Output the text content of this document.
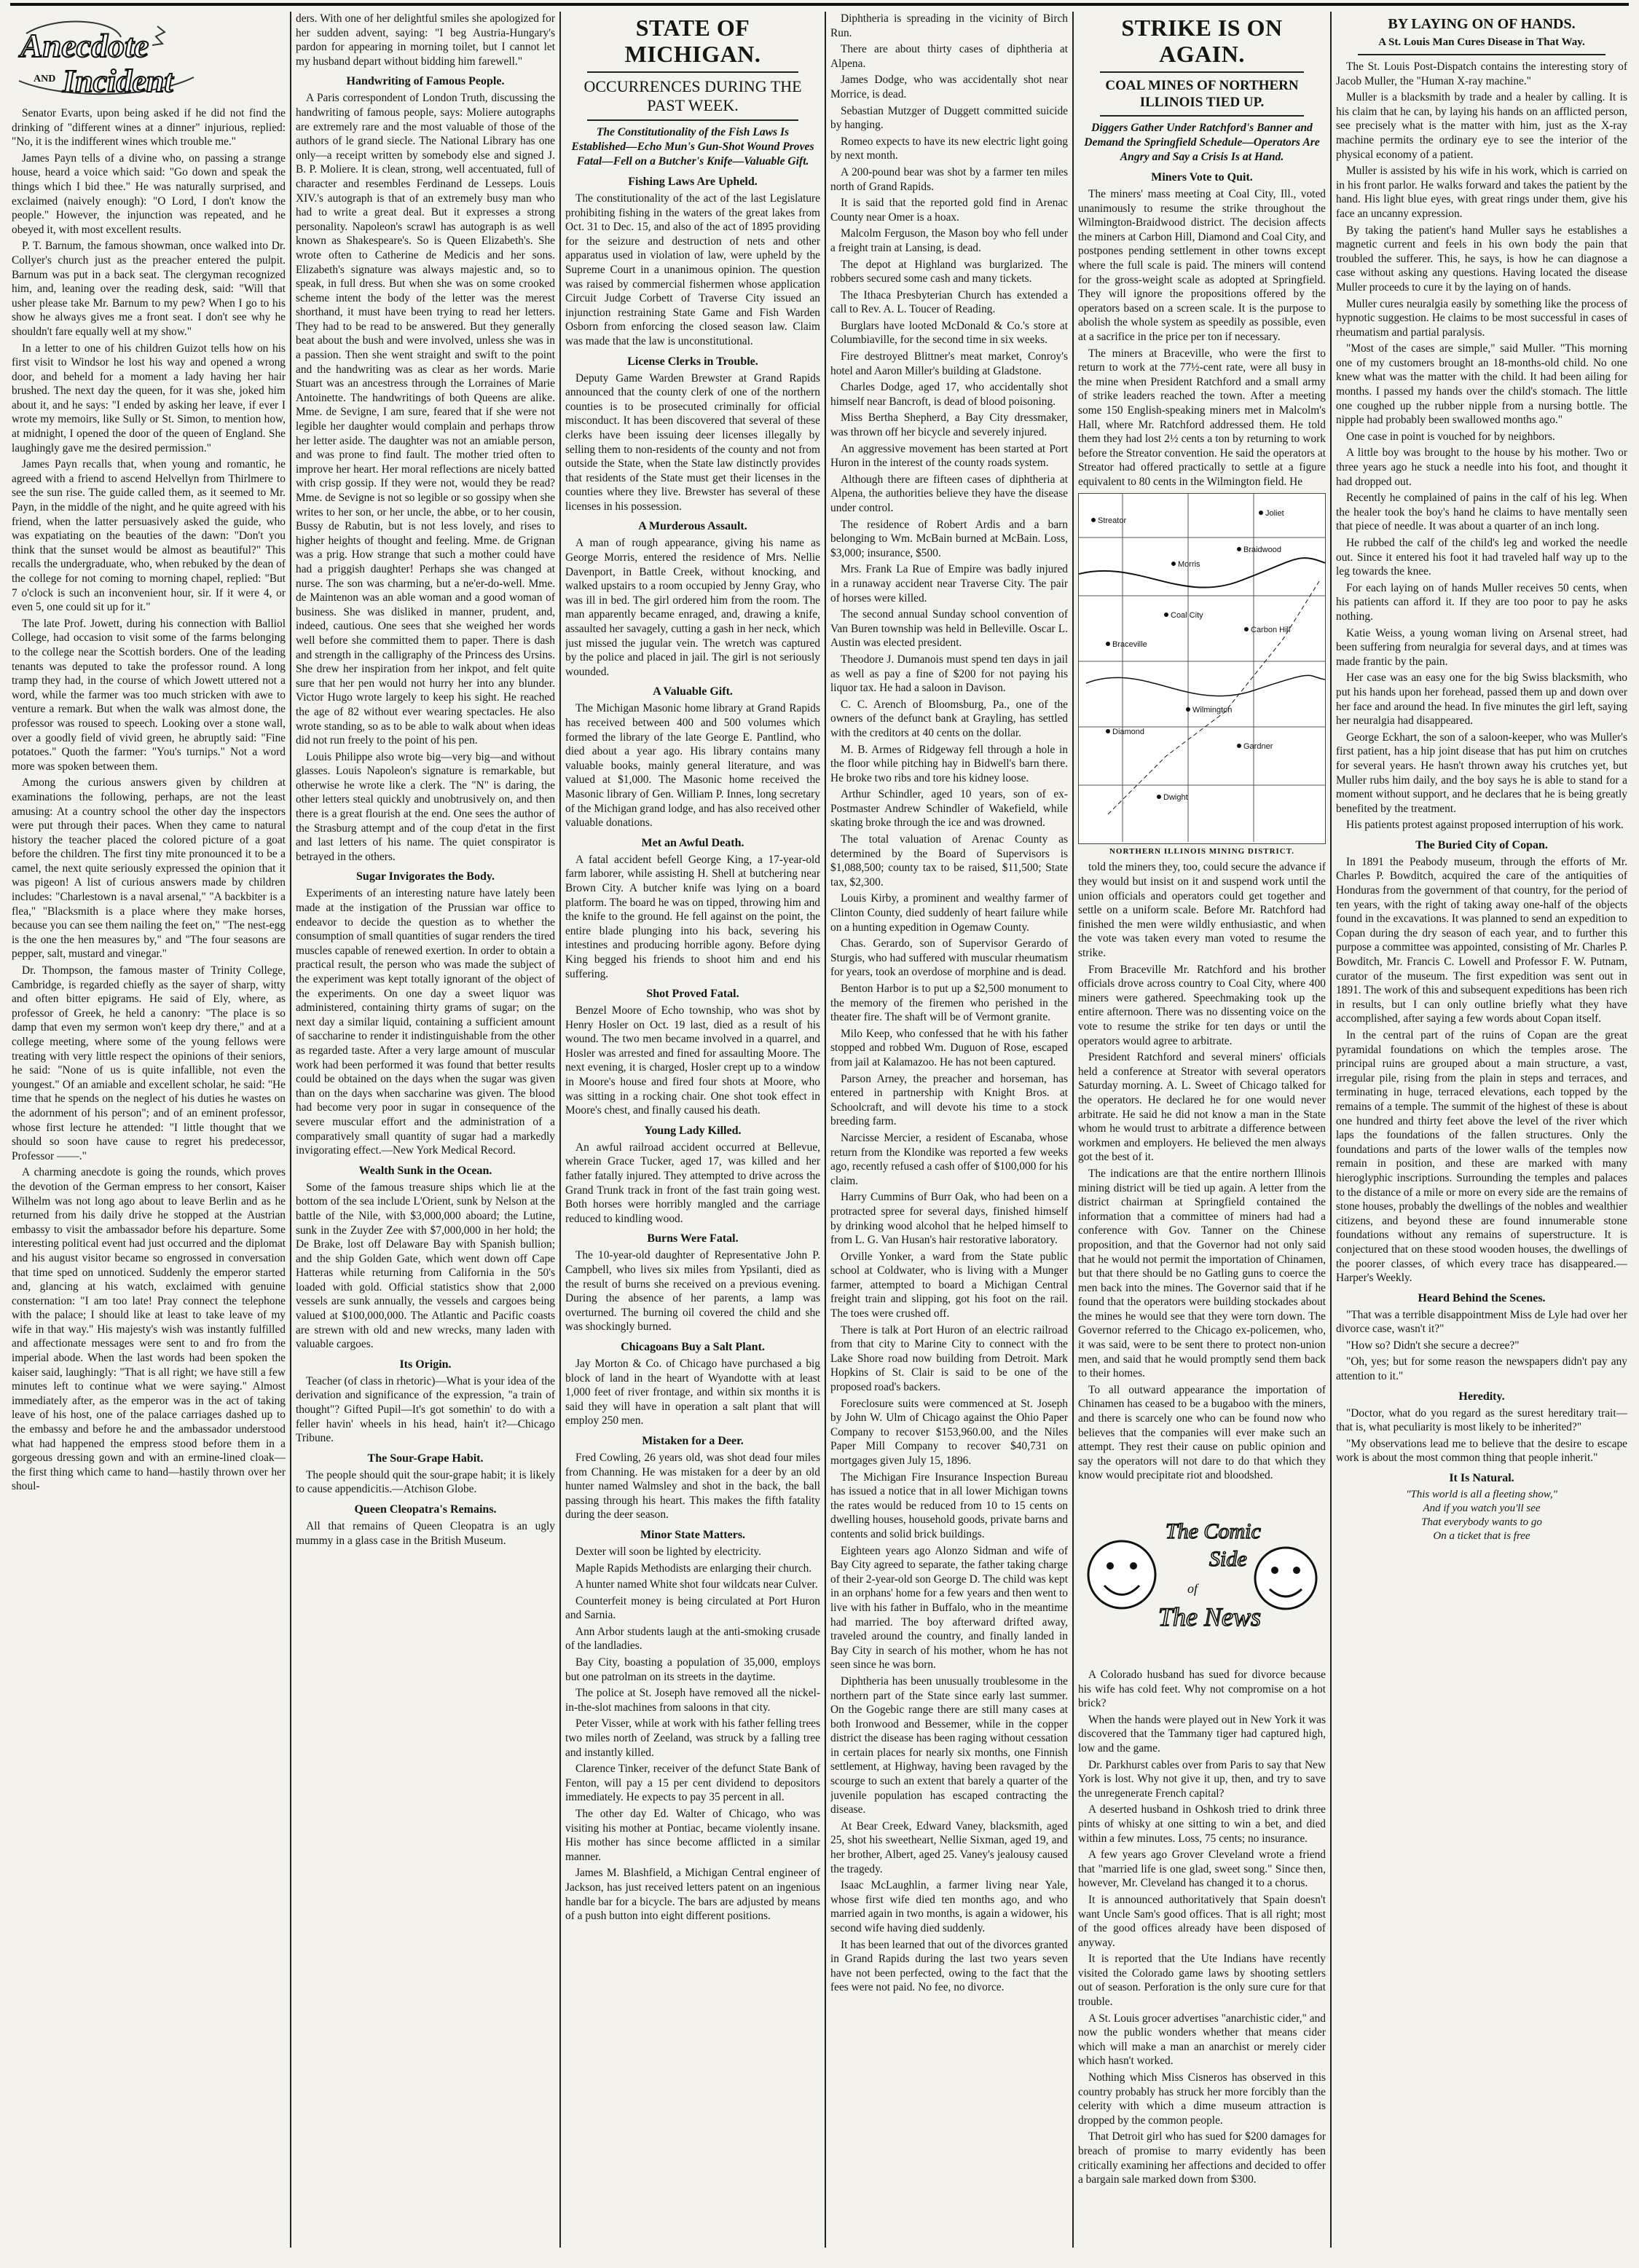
Anecdote
AND Incident

Senator Evarts, upon being asked if he did not find the drinking of "different wines at a dinner" injurious, replied: "No, it is the indifferent wines which trouble me."

James Payn tells of a divine who, on passing a strange house, heard a voice which said: "Go down and speak the things which I bid thee." He was naturally surprised, and exclaimed (naively enough): "O Lord, I don't know the people." However, the injunction was repeated, and he obeyed it, with most excellent results.

P. T. Barnum, the famous showman, once walked into Dr. Collyer's church just as the preacher entered the pulpit. Barnum was put in a back seat. The clergyman recognized him, and, leaning over the reading desk, said: "Will that usher please take Mr. Barnum to my pew? When I go to his show he always gives me a front seat. I don't see why he shouldn't fare equally well at my show."

In a letter to one of his children Guizot tells how on his first visit to Windsor he lost his way and opened a wrong door, and beheld for a moment a lady having her hair brushed. The next day the queen, for it was she, joked him about it, and he says: "I ended by asking her leave, if ever I wrote my memoirs, like Sully or St. Simon, to mention how, at midnight, I opened the door of the queen of England. She laughingly gave me the desired permission."

James Payn recalls that, when young and romantic, he agreed with a friend to ascend Helvellyn from Thirlmere to see the sun rise. The guide called them, as it seemed to Mr. Payn, in the middle of the night, and he quite agreed with his friend, when the latter persuasively asked the guide, who was expatiating on the beauties of the dawn: "Don't you think that the sunset would be almost as beautiful?" This recalls the undergraduate, who, when rebuked by the dean of the college for not coming to morning chapel, replied: "But 7 o'clock is such an inconvenient hour, sir. If it were 4, or even 5, one could sit up for it."

The late Prof. Jowett, during his connection with Balliol College, had occasion to visit some of the farms belonging to the college near the Scottish borders. One of the leading tenants was deputed to take the professor round. A long tramp they had, in the course of which Jowett uttered not a word, while the farmer was too much stricken with awe to venture a remark. But when the walk was almost done, the professor was roused to speech. Looking over a stone wall, over a goodly field of vivid green, he abruptly said: "Fine potatoes." Quoth the farmer: "You's turnips." Not a word more was spoken between them.

Among the curious answers given by children at examinations the following, perhaps, are not the least amusing: At a country school the other day the inspectors were put through their paces. When they came to natural history the teacher placed the colored picture of a goat before the children. The first tiny mite pronounced it to be a camel, the next quite seriously expressed the opinion that it was pigeon! A list of curious answers made by children includes: "Charlestown is a naval arsenal," "A backbiter is a flea," "Blacksmith is a place where they make horses, because you can see them nailing the feet on," "The nest-egg is the one the hen measures by," and "The four seasons are pepper, salt, mustard and vinegar."

Dr. Thompson, the famous master of Trinity College, Cambridge, is regarded chiefly as the sayer of sharp, witty and often bitter epigrams. He said of Ely, where, as professor of Greek, he held a canonry: "The place is so damp that even my sermon won't keep dry there," and at a college meeting, where some of the young fellows were treating with very little respect the opinions of their seniors, he said: "None of us is quite infallible, not even the youngest." Of an amiable and excellent scholar, he said: "He time that he spends on the neglect of his duties he wastes on the adornment of his person"; and of an eminent professor, whose first lecture he attended: "I little thought that we should so soon have cause to regret his predecessor, Professor ——."

A charming anecdote is going the rounds, which proves the devotion of the German empress to her consort, Kaiser Wilhelm was not long ago about to leave Berlin and as he returned from his daily drive he stopped at the Austrian embassy to visit the ambassador before his departure. Some interesting political event had just occurred and the diplomat and his august visitor became so engrossed in conversation that time sped on unnoticed. Suddenly the emperor started and, glancing at his watch, exclaimed with genuine consternation: "I am too late! Pray connect the telephone with the palace; I should like at least to take leave of my wife in that way." His majesty's wish was instantly fulfilled and affectionate messages were sent to and fro from the imperial abode. When the last words had been spoken the kaiser said, laughingly: "That is all right; we have still a few minutes left to continue what we were saying." Almost immediately after, as the emperor was in the act of taking leave of his host, one of the palace carriages dashed up to the embassy and before he and the ambassador understood what had happened the empress stood before them in a gorgeous dressing gown and with an ermine-lined cloak—the first thing which came to hand—hastily thrown over her shoul-

ders. With one of her delightful smiles she apologized for her sudden advent, saying: "I beg Austria-Hungary's pardon for appearing in morning toilet, but I cannot let my husband depart without bidding him farewell."

Handwriting of Famous People.

A Paris correspondent of London Truth, discussing the handwriting of famous people, says: Moliere autographs are extremely rare and the most valuable of those of the authors of le grand siecle. The National Library has one only—a receipt written by somebody else and signed J. B. P. Moliere. It is clean, strong, well accentuated, full of character and resembles Ferdinand de Lesseps. Louis XIV.'s autograph is that of an extremely busy man who had to write a great deal. But it expresses a strong personality. Napoleon's scrawl has autograph is as well known as Shakespeare's. So is Queen Elizabeth's. She wrote often to Catherine de Medicis and her sons. Elizabeth's signature was always majestic and, so to speak, in full dress. But when she was on some crooked scheme intent the body of the letter was the merest shorthand, it must have been trying to read her letters. They had to be read to be answered. But they generally beat about the bush and were involved, unless she was in a passion. Then she went straight and swift to the point and the handwriting was as clear as her words. Marie Stuart was an ancestress through the Lorraines of Marie Antoinette. The handwritings of both Queens are alike. Mme. de Sevigne, I am sure, feared that if she were not legible her daughter would complain and perhaps throw her letter aside. The daughter was not an amiable person, and was prone to find fault. The mother tried often to improve her heart. Her moral reflections are nicely batted with crisp gossip. If they were not, would they be read? Mme. de Sevigne is not so legible or so gossipy when she writes to her son, or her uncle, the abbe, or to her cousin, Bussy de Rabutin, but is not less lovely, and rises to higher heights of thought and feeling. Mme. de Grignan was a prig. How strange that such a mother could have had a priggish daughter! Perhaps she was changed at nurse. The son was charming, but a ne'er-do-well. Mme. de Maintenon was an able woman and a good woman of business. She was disliked in manner, prudent, and, indeed, cautious. One sees that she weighed her words well before she committed them to paper. There is dash and strength in the calligraphy of the Princess des Ursins. She drew her inspiration from her inkpot, and felt quite sure that her pen would not hurry her into any blunder. Victor Hugo wrote largely to keep his sight. He reached the age of 82 without ever wearing spectacles. He also wrote standing, so as to be able to walk about when ideas did not run freely to the point of his pen.

Louis Philippe also wrote big—very big—and without glasses. Louis Napoleon's signature is remarkable, but otherwise he wrote like a clerk. The "N" is daring, the other letters steal quickly and unobtrusively on, and then there is a great flourish at the end. One sees the author of the Strasburg attempt and of the coup d'etat in the first and last letters of his name. The quiet conspirator is betrayed in the others.

Sugar Invigorates the Body.

Experiments of an interesting nature have lately been made at the instigation of the Prussian war office to endeavor to decide the question as to whether the consumption of small quantities of sugar renders the tired muscles capable of renewed exertion. In order to obtain a practical result, the person who was made the subject of the experiment was kept totally ignorant of the object of the experiments. On one day a sweet liquor was administered, containing thirty grams of sugar; on the next day a similar liquid, containing a sufficient amount of saccharine to render it indistinguishable from the other as regarded taste. After a very large amount of muscular work had been performed it was found that better results could be obtained on the days when the sugar was given than on the days when saccharine was given. The blood had become very poor in sugar in consequence of the severe muscular effort and the administration of a comparatively small quantity of sugar had a markedly invigorating effect.—New York Medical Record.

Wealth Sunk in the Ocean.

Some of the famous treasure ships which lie at the bottom of the sea include L'Orient, sunk by Nelson at the battle of the Nile, with $3,000,000 aboard; the Lutine, sunk in the Zuyder Zee with $7,000,000 in her hold; the De Brake, lost off Delaware Bay with Spanish bullion; and the ship Golden Gate, which went down off Cape Hatteras while returning from California in the 50's loaded with gold. Official statistics show that 2,000 vessels are sunk annually, the vessels and cargoes being valued at $100,000,000. The Atlantic and Pacific coasts are strewn with old and new wrecks, many laden with valuable cargoes.

Its Origin.

Teacher (of class in rhetoric)—What is your idea of the derivation and significance of the expression, "a train of thought"? Gifted Pupil—It's got somethin' to do with a feller havin' wheels in his head, hain't it?—Chicago Tribune.

The Sour-Grape Habit.

The people should quit the sour-grape habit; it is likely to cause appendicitis.—Atchison Globe.

Queen Cleopatra's Remains.

All that remains of Queen Cleopatra is an ugly mummy in a glass case in the British Museum.

STATE OF MICHIGAN.
OCCURRENCES DURING THE PAST WEEK.
The Constitutionality of the Fish Laws Is Established—Echo Mun's Gun-Shot Wound Proves Fatal—Fell on a Butcher's Knife—Valuable Gift.
Fishing Laws Are Upheld.

The constitutionality of the act of the last Legislature prohibiting fishing in the waters of the great lakes from Oct. 31 to Dec. 15, and also of the act of 1895 providing for the seizure and destruction of nets and other apparatus used in violation of law, were upheld by the Supreme Court in a unanimous opinion. The question was raised by commercial fishermen whose application Circuit Judge Corbett of Traverse City issued an injunction restraining State Game and Fish Warden Osborn from enforcing the closed season law. Claim was made that the law is unconstitutional.

License Clerks in Trouble.

Deputy Game Warden Brewster at Grand Rapids announced that the county clerk of one of the northern counties is to be prosecuted criminally for official misconduct. It has been discovered that several of these clerks have been issuing deer licenses illegally by selling them to non-residents of the county and not from outside the State, when the State law distinctly provides that residents of the State must get their licenses in the counties where they live. Brewster has several of these licenses in his possession.

A Murderous Assault.

A man of rough appearance, giving his name as George Morris, entered the residence of Mrs. Nellie Davenport, in Battle Creek, without knocking, and walked upstairs to a room occupied by Jenny Gray, who was ill in bed. The girl ordered him from the room. The man apparently became enraged, and, drawing a knife, assaulted her savagely, cutting a gash in her neck, which just missed the jugular vein. The wretch was captured by the police and placed in jail. The girl is not seriously wounded.

A Valuable Gift.

The Michigan Masonic home library at Grand Rapids has received between 400 and 500 volumes which formed the library of the late George E. Pantlind, who died about a year ago. His library contains many valuable books, mainly general literature, and was valued at $1,000. The Masonic home received the Masonic library of Gen. William P. Innes, long secretary of the Michigan grand lodge, and has also received other valuable donations.

Met an Awful Death.

A fatal accident befell George King, a 17-year-old farm laborer, while assisting H. Shell at butchering near Brown City. A butcher knife was lying on a board platform. The board he was on tipped, throwing him and the knife to the ground. He fell against on the point, the entire blade plunging into his back, severing his intestines and producing horrible agony. Before dying King begged his friends to shoot him and end his suffering.

Shot Proved Fatal.

Benzel Moore of Echo township, who was shot by Henry Hosler on Oct. 19 last, died as a result of his wound. The two men became involved in a quarrel, and Hosler was arrested and fined for assaulting Moore. The next evening, it is charged, Hosler crept up to a window in Moore's house and fired four shots at Moore, who was sitting in a rocking chair. One shot took effect in Moore's chest, and finally caused his death.

Young Lady Killed.

An awful railroad accident occurred at Bellevue, wherein Grace Tucker, aged 17, was killed and her father fatally injured. They attempted to drive across the Grand Trunk track in front of the fast train going west. Both horses were horribly mangled and the carriage reduced to kindling wood.

Burns Were Fatal.

The 10-year-old daughter of Representative John P. Campbell, who lives six miles from Ypsilanti, died as the result of burns she received on a previous evening. During the absence of her parents, a lamp was overturned. The burning oil covered the child and she was shockingly burned.

Chicagoans Buy a Salt Plant.

Jay Morton & Co. of Chicago have purchased a big block of land in the heart of Wyandotte with at least 1,000 feet of river frontage, and within six months it is said they will have in operation a salt plant that will employ 250 men.

Mistaken for a Deer.

Fred Cowling, 26 years old, was shot dead four miles from Channing. He was mistaken for a deer by an old hunter named Walmsley and shot in the back, the ball passing through his heart. This makes the fifth fatality during the deer season.

Minor State Matters.

Dexter will soon be lighted by electricity.

Maple Rapids Methodists are enlarging their church.

A hunter named White shot four wildcats near Culver.

Counterfeit money is being circulated at Port Huron and Sarnia.

Ann Arbor students laugh at the anti-smoking crusade of the landladies.

Bay City, boasting a population of 35,000, employs but one patrolman on its streets in the daytime.

The police at St. Joseph have removed all the nickel-in-the-slot machines from saloons in that city.

Peter Visser, while at work with his father felling trees two miles north of Zeeland, was struck by a falling tree and instantly killed.

Clarence Tinker, receiver of the defunct State Bank of Fenton, will pay a 15 per cent dividend to depositors immediately. He expects to pay 35 percent in all.

The other day Ed. Walter of Chicago, who was visiting his mother at Pontiac, became violently insane. His mother has since become afflicted in a similar manner.

James M. Blashfield, a Michigan Central engineer of Jackson, has just received letters patent on an ingenious handle bar for a bicycle. The bars are adjusted by means of a push button into eight different positions.

Diphtheria is spreading in the vicinity of Birch Run.

There are about thirty cases of diphtheria at Alpena.

James Dodge, who was accidentally shot near Morrice, is dead.

Sebastian Mutzger of Duggett committed suicide by hanging.

Romeo expects to have its new electric light going by next month.

A 200-pound bear was shot by a farmer ten miles north of Grand Rapids.

It is said that the reported gold find in Arenac County near Omer is a hoax.

Malcolm Ferguson, the Mason boy who fell under a freight train at Lansing, is dead.

The depot at Highland was burglarized. The robbers secured some cash and many tickets.

The Ithaca Presbyterian Church has extended a call to Rev. A. L. Toucer of Reading.

Burglars have looted McDonald & Co.'s store at Columbiaville, for the second time in six weeks.

Fire destroyed Blittner's meat market, Conroy's hotel and Aaron Miller's building at Gladstone.

Charles Dodge, aged 17, who accidentally shot himself near Bancroft, is dead of blood poisoning.

Miss Bertha Shepherd, a Bay City dressmaker, was thrown off her bicycle and severely injured.

An aggressive movement has been started at Port Huron in the interest of the county roads system.

Although there are fifteen cases of diphtheria at Alpena, the authorities believe they have the disease under control.

The residence of Robert Ardis and a barn belonging to Wm. McBain burned at McBain. Loss, $3,000; insurance, $500.

Mrs. Frank La Rue of Empire was badly injured in a runaway accident near Traverse City. The pair of horses were killed.

The second annual Sunday school convention of Van Buren township was held in Belleville. Oscar L. Austin was elected president.

Theodore J. Dumanois must spend ten days in jail as well as pay a fine of $200 for not paying his liquor tax. He had a saloon in Davison.

C. C. Arench of Bloomsburg, Pa., one of the owners of the defunct bank at Grayling, has settled with the creditors at 40 cents on the dollar.

M. B. Armes of Ridgeway fell through a hole in the floor while pitching hay in Bidwell's barn there. He broke two ribs and tore his kidney loose.

Arthur Schindler, aged 10 years, son of ex-Postmaster Andrew Schindler of Wakefield, while skating broke through the ice and was drowned.

The total valuation of Arenac County as determined by the Board of Supervisors is $1,088,500; county tax to be raised, $11,500; State tax, $2,300.

Louis Kirby, a prominent and wealthy farmer of Clinton County, died suddenly of heart failure while on a hunting expedition in Ogemaw County.

Chas. Gerardo, son of Supervisor Gerardo of Sturgis, who had suffered with muscular rheumatism for years, took an overdose of morphine and is dead.

Benton Harbor is to put up a $2,500 monument to the memory of the firemen who perished in the theater fire. The shaft will be of Vermont granite.

Milo Keep, who confessed that he with his father stopped and robbed Wm. Duguon of Rose, escaped from jail at Kalamazoo. He has not been captured.

Parson Arney, the preacher and horseman, has entered in partnership with Knight Bros. at Schoolcraft, and will devote his time to a stock breeding farm.

Narcisse Mercier, a resident of Escanaba, whose return from the Klondike was reported a few weeks ago, recently refused a cash offer of $100,000 for his claim.

Harry Cummins of Burr Oak, who had been on a protracted spree for several days, finished himself by drinking wood alcohol that he helped himself to from L. G. Van Husan's hair restorative laboratory.

Orville Yonker, a ward from the State public school at Coldwater, who is living with a Munger farmer, attempted to board a Michigan Central freight train and slipping, got his foot on the rail. The toes were crushed off.

There is talk at Port Huron of an electric railroad from that city to Marine City to connect with the Lake Shore road now building from Detroit. Mark Hopkins of St. Clair is said to be one of the proposed road's backers.

Foreclosure suits were commenced at St. Joseph by John W. Ulm of Chicago against the Ohio Paper Company to recover $153,960.00, and the Niles Paper Mill Company to recover $40,731 on mortgages given July 15, 1896.

The Michigan Fire Insurance Inspection Bureau has issued a notice that in all lower Michigan towns the rates would be reduced from 10 to 15 cents on dwelling houses, household goods, private barns and contents and solid brick buildings.

Eighteen years ago Alonzo Sidman and wife of Bay City agreed to separate, the father taking charge of their 2-year-old son George D. The child was kept in an orphans' home for a few years and then went to live with his father in Buffalo, who in the meantime had married. The boy afterward drifted away, traveled around the country, and finally landed in Bay City in search of his mother, whom he has not seen since he was born.

Diphtheria has been unusually troublesome in the northern part of the State since early last summer. On the Gogebic range there are still many cases at both Ironwood and Bessemer, while in the copper district the disease has been raging without cessation in certain places for nearly six months, one Finnish settlement, at Highway, having been ravaged by the scourge to such an extent that barely a quarter of the juvenile population has escaped contracting the disease.

At Bear Creek, Edward Vaney, blacksmith, aged 25, shot his sweetheart, Nellie Sixman, aged 19, and her brother, Albert, aged 25. Vaney's jealousy caused the tragedy.

Isaac McLaughlin, a farmer living near Yale, whose first wife died ten months ago, and who married again in two months, is again a widower, his second wife having died suddenly.

It has been learned that out of the divorces granted in Grand Rapids during the last two years seven have not been perfected, owing to the fact that the fees were not paid. No fee, no divorce.

STRIKE IS ON AGAIN.
COAL MINES OF NORTHERN ILLINOIS TIED UP.
Diggers Gather Under Ratchford's Banner and Demand the Springfield Schedule—Operators Are Angry and Say a Crisis Is at Hand.
Miners Vote to Quit.

The miners' mass meeting at Coal City, Ill., voted unanimously to resume the strike throughout the Wilmington-Braidwood district. The decision affects the miners at Carbon Hill, Diamond and Coal City, and postpones pending settlement in other towns except where the full scale is paid. The miners will contend for the gross-weight scale as adopted at Springfield. They will ignore the propositions offered by the operators based on a screen scale. It is the purpose to abolish the whole system as speedily as possible, even at a sacrifice in the price per ton if necessary.

The miners at Braceville, who were the first to return to work at the 77½-cent rate, were all busy in the mine when President Ratchford and a small army of strike leaders reached the town. After a meeting some 150 English-speaking miners met in Malcolm's Hall, where Mr. Ratchford addressed them. He told them they had lost 2½ cents a ton by returning to work before the Streator convention. He said the operators at Streator had offered practically to settle at a figure equivalent to 80 cents in the Wilmington field. He

Streator
Braidwood
Coal City
Braceville
Carbon Hill
Wilmington
Diamond
Gardner
Dwight
Joliet
Morris
NORTHERN ILLINOIS MINING DISTRICT.

told the miners they, too, could secure the advance if they would but insist on it and suspend work until the union officials and operators could get together and settle on a uniform scale. Before Mr. Ratchford had finished the men were wildly enthusiastic, and when the vote was taken every man voted to resume the strike.

From Braceville Mr. Ratchford and his brother officials drove across country to Coal City, where 400 miners were gathered. Speechmaking took up the entire afternoon. There was no dissenting voice on the vote to resume the strike for ten days or until the operators would agree to arbitrate.

President Ratchford and several miners' officials held a conference at Streator with several operators Saturday morning. A. L. Sweet of Chicago talked for the operators. He declared he for one would never arbitrate. He said he did not know a man in the State whom he would trust to arbitrate a difference between workmen and employers. He believed the men always got the best of it.

The indications are that the entire northern Illinois mining district will be tied up again. A letter from the district chairman at Springfield contained the information that a committee of miners had had a conference with Gov. Tanner on the Chinese proposition, and that the Governor had not only said that he would not permit the importation of Chinamen, but that there should be no Gatling guns to coerce the men back into the mines. The Governor said that if he found that the operators were building stockades about the mines he would see that they were torn down. The Governor referred to the Chicago ex-policemen, who, it was said, were to be sent there to protect non-union men, and said that he would promptly send them back to their homes.

To all outward appearance the importation of Chinamen has ceased to be a bugaboo with the miners, and there is scarcely one who can be found now who believes that the companies will ever make such an attempt. They rest their cause on public opinion and say the operators will not dare to do that which they know would precipitate riot and bloodshed.

The Comic
Side
of
The News

A Colorado husband has sued for divorce because his wife has cold feet. Why not compromise on a hot brick?

When the hands were played out in New York it was discovered that the Tammany tiger had captured high, low and the game.

Dr. Parkhurst cables over from Paris to say that New York is lost. Why not give it up, then, and try to save the unregenerate French capital?

A deserted husband in Oshkosh tried to drink three pints of whisky at one sitting to win a bet, and died within a few minutes. Loss, 75 cents; no insurance.

A few years ago Grover Cleveland wrote a friend that "married life is one glad, sweet song." Since then, however, Mr. Cleveland has changed it to a chorus.

It is announced authoritatively that Spain doesn't want Uncle Sam's good offices. That is all right; most of the good offices already have been disposed of anyway.

It is reported that the Ute Indians have recently visited the Colorado game laws by shooting settlers out of season. Perforation is the only sure cure for that trouble.

A St. Louis grocer advertises "anarchistic cider," and now the public wonders whether that means cider which will make a man an anarchist or merely cider which hasn't worked.

Nothing which Miss Cisneros has observed in this country probably has struck her more forcibly than the celerity with which a dime museum attraction is dropped by the common people.

That Detroit girl who has sued for $200 damages for breach of promise to marry evidently has been critically examining her affections and decided to offer a bargain sale marked down from $300.

BY LAYING ON OF HANDS.
A St. Louis Man Cures Disease in That Way.

The St. Louis Post-Dispatch contains the interesting story of Jacob Muller, the "Human X-ray machine."

Muller is a blacksmith by trade and a healer by calling. It is his claim that he can, by laying his hands on an afflicted person, see precisely what is the matter with him, just as the X-ray machine permits the ordinary eye to see the interior of the physical economy of a patient.

Muller is assisted by his wife in his work, which is carried on in his front parlor. He walks forward and takes the patient by the hand. His light blue eyes, with great rings under them, give his face an uncanny expression.

By taking the patient's hand Muller says he establishes a magnetic current and feels in his own body the pain that troubled the sufferer. This, he says, is how he can diagnose a case without asking any questions. Having located the disease Muller proceeds to cure it by the laying on of hands.

Muller cures neuralgia easily by something like the process of hypnotic suggestion. He claims to be most successful in cases of rheumatism and partial paralysis.

"Most of the cases are simple," said Muller. "This morning one of my customers brought an 18-months-old child. No one knew what was the matter with the child. It had been ailing for months. I passed my hands over the child's stomach. The little one coughed up the rubber nipple from a nursing bottle. The nipple had probably been swallowed months ago."

One case in point is vouched for by neighbors.

A little boy was brought to the house by his mother. Two or three years ago he stuck a needle into his foot, and thought it had dropped out.

Recently he complained of pains in the calf of his leg. When the healer took the boy's hand he claims to have mentally seen that piece of needle. It was about a quarter of an inch long.

He rubbed the calf of the child's leg and worked the needle out. Since it entered his foot it had traveled half way up to the leg towards the knee.

For each laying on of hands Muller receives 50 cents, when his patients can afford it. If they are too poor to pay he asks nothing.

Katie Weiss, a young woman living on Arsenal street, had been suffering from neuralgia for several days, and at times was made frantic by the pain.

Her case was an easy one for the big Swiss blacksmith, who put his hands upon her forehead, passed them up and down over her face and around the head. In five minutes the girl left, saying her neuralgia had disappeared.

George Eckhart, the son of a saloon-keeper, who was Muller's first patient, has a hip joint disease that has put him on crutches for several years. He hasn't thrown away his crutches yet, but Muller rubs him daily, and the boy says he is able to stand for a moment without support, and he declares that he is being greatly benefited by the treatment.

His patients protest against proposed interruption of his work.

The Buried City of Copan.

In 1891 the Peabody museum, through the efforts of Mr. Charles P. Bowditch, acquired the care of the antiquities of Honduras from the government of that country, for the period of ten years, with the right of taking away one-half of the objects found in the excavations. It was planned to send an expedition to Copan during the dry season of each year, and to further this purpose a committee was appointed, consisting of Mr. Charles P. Bowditch, Mr. Francis C. Lowell and Professor F. W. Putnam, curator of the museum. The first expedition was sent out in 1891. The work of this and subsequent expeditions has been rich in results, but I can only outline briefly what they have accomplished, after saying a few words about Copan itself.

In the central part of the ruins of Copan are the great pyramidal foundations on which the temples arose. The principal ruins are grouped about a main structure, a vast, irregular pile, rising from the plain in steps and terraces, and terminating in huge, terraced elevations, each topped by the remains of a temple. The summit of the highest of these is about one hundred and thirty feet above the level of the river which laps the foundations of the fallen structures. Only the foundations and parts of the lower walls of the temples now remain in position, and these are marked with many hieroglyphic inscriptions. Surrounding the temples and palaces to the distance of a mile or more on every side are the remains of stone houses, probably the dwellings of the nobles and wealthier citizens, and beyond these are found innumerable stone foundations without any remains of superstructure. It is conjectured that on these stood wooden houses, the dwellings of the poorer classes, of which every trace has disappeared.—Harper's Weekly.

Heard Behind the Scenes.

"That was a terrible disappointment Miss de Lyle had over her divorce case, wasn't it?"

"How so? Didn't she secure a decree?"

"Oh, yes; but for some reason the newspapers didn't pay any attention to it."

Heredity.

"Doctor, what do you regard as the surest hereditary trait—that is, what peculiarity is most likely to be inherited?"

"My observations lead me to believe that the desire to escape work is about the most common thing that people inherit."

It Is Natural.
"This world is all a fleeting show,"
And if you watch you'll see
That everybody wants to go
On a ticket that is free
